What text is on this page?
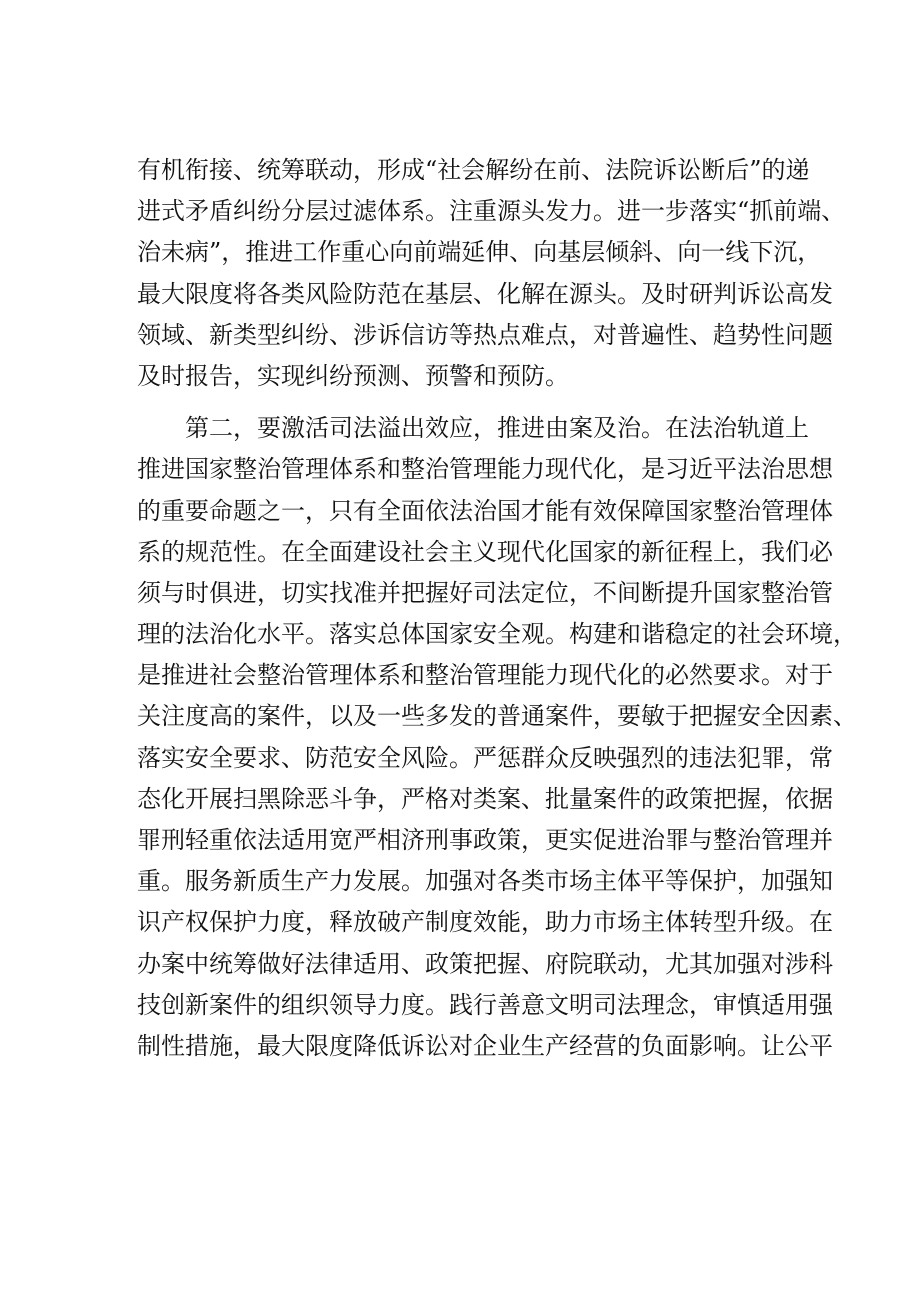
有机衔接、统筹联动，形成“社会解纷在前、法院诉讼断后”的递
进式矛盾纠纷分层过滤体系。注重源头发力。进一步落实“抓前端、
治未病”，推进工作重心向前端延伸、向基层倾斜、向一线下沉，
最大限度将各类风险防范在基层、化解在源头。及时研判诉讼高发
领域、新类型纠纷、涉诉信访等热点难点，对普遍性、趋势性问题
及时报告，实现纠纷预测、预警和预防。
第二，要激活司法溢出效应，推进由案及治。在法治轨道上
推进国家整治管理体系和整治管理能力现代化，是习近平法治思想
的重要命题之一，只有全面依法治国才能有效保障国家整治管理体
系的规范性。在全面建设社会主义现代化国家的新征程上，我们必
须与时俱进，切实找准并把握好司法定位，不间断提升国家整治管
理的法治化水平。落实总体国家安全观。构建和谐稳定的社会环境，
是推进社会整治管理体系和整治管理能力现代化的必然要求。对于
关注度高的案件，以及一些多发的普通案件，要敏于把握安全因素、
落实安全要求、防范安全风险。严惩群众反映强烈的违法犯罪，常
态化开展扫黑除恶斗争，严格对类案、批量案件的政策把握，依据
罪刑轻重依法适用宽严相济刑事政策，更实促进治罪与整治管理并
重。服务新质生产力发展。加强对各类市场主体平等保护，加强知
识产权保护力度，释放破产制度效能，助力市场主体转型升级。在
办案中统筹做好法律适用、政策把握、府院联动，尤其加强对涉科
技创新案件的组织领导力度。践行善意文明司法理念，审慎适用强
制性措施，最大限度降低诉讼对企业生产经营的负面影响。让公平
